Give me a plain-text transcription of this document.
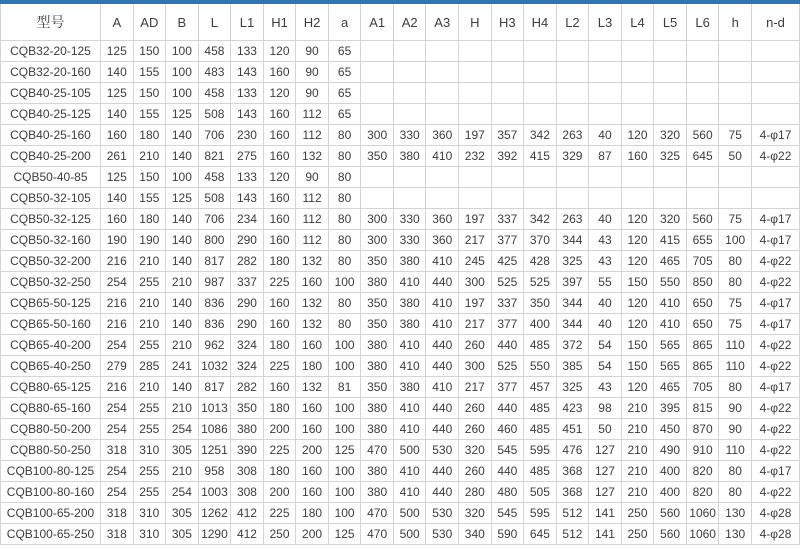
型号	A	AD	B	L	L1	H1	H2	a	A1	A2	A3	H	H3	H4	L2	L3	L4	L5	L6	h	n-d
CQB32-20-125	125	150	100	458	133	120	90	65													
CQB32-20-160	140	155	100	483	143	160	90	65													
CQB40-25-105	125	150	100	458	133	120	90	65													
CQB40-25-125	140	155	125	508	143	160	112	65													
CQB40-25-160	160	180	140	706	230	160	112	80	300	330	360	197	357	342	263	40	120	320	560	75	4-φ17
CQB40-25-200	261	210	140	821	275	160	132	80	350	380	410	232	392	415	329	87	160	325	645	50	4-φ22
CQB50-40-85	125	150	100	458	133	120	90	80													
CQB50-32-105	140	155	125	508	143	160	112	80													
CQB50-32-125	160	180	140	706	234	160	112	80	300	330	360	197	337	342	263	40	120	320	560	75	4-φ17
CQB50-32-160	190	190	140	800	290	160	112	80	300	330	360	217	377	370	344	43	120	415	655	100	4-φ17
CQB50-32-200	216	210	140	817	282	180	132	80	350	380	410	245	425	428	325	43	120	465	705	80	4-φ22
CQB50-32-250	254	255	210	987	337	225	160	100	380	410	440	300	525	525	397	55	150	550	850	80	4-φ22
CQB65-50-125	216	210	140	836	290	160	132	80	350	380	410	197	337	350	344	40	120	410	650	75	4-φ17
CQB65-50-160	216	210	140	836	290	160	132	80	350	380	410	217	377	400	344	40	120	410	650	75	4-φ17
CQB65-40-200	254	255	210	962	324	180	160	100	380	410	440	260	440	485	372	54	150	565	865	110	4-φ22
CQB65-40-250	279	285	241	1032	324	225	180	100	380	410	440	300	525	550	385	54	150	565	865	110	4-φ22
CQB80-65-125	216	210	140	817	282	160	132	81	350	380	410	217	377	457	325	43	120	465	705	80	4-φ17
CQB80-65-160	254	255	210	1013	350	180	160	100	380	410	440	260	440	485	423	98	210	395	815	90	4-φ22
CQB80-50-200	254	255	254	1086	380	200	160	100	380	410	440	260	460	485	451	50	210	450	870	90	4-φ22
CQB80-50-250	318	310	305	1251	390	225	200	125	470	500	530	320	545	595	476	127	210	490	910	110	4-φ22
CQB100-80-125	254	255	210	958	308	180	160	100	380	410	440	260	440	485	368	127	210	400	820	80	4-φ17
CQB100-80-160	254	255	254	1003	308	200	160	100	380	410	440	280	480	505	368	127	210	400	820	80	4-φ22
CQB100-65-200	318	310	305	1262	412	225	180	100	470	500	530	320	545	595	512	141	250	560	1060	130	4-φ28
CQB100-65-250	318	310	305	1290	412	250	200	125	470	500	530	340	590	645	512	141	250	560	1060	130	4-φ28
